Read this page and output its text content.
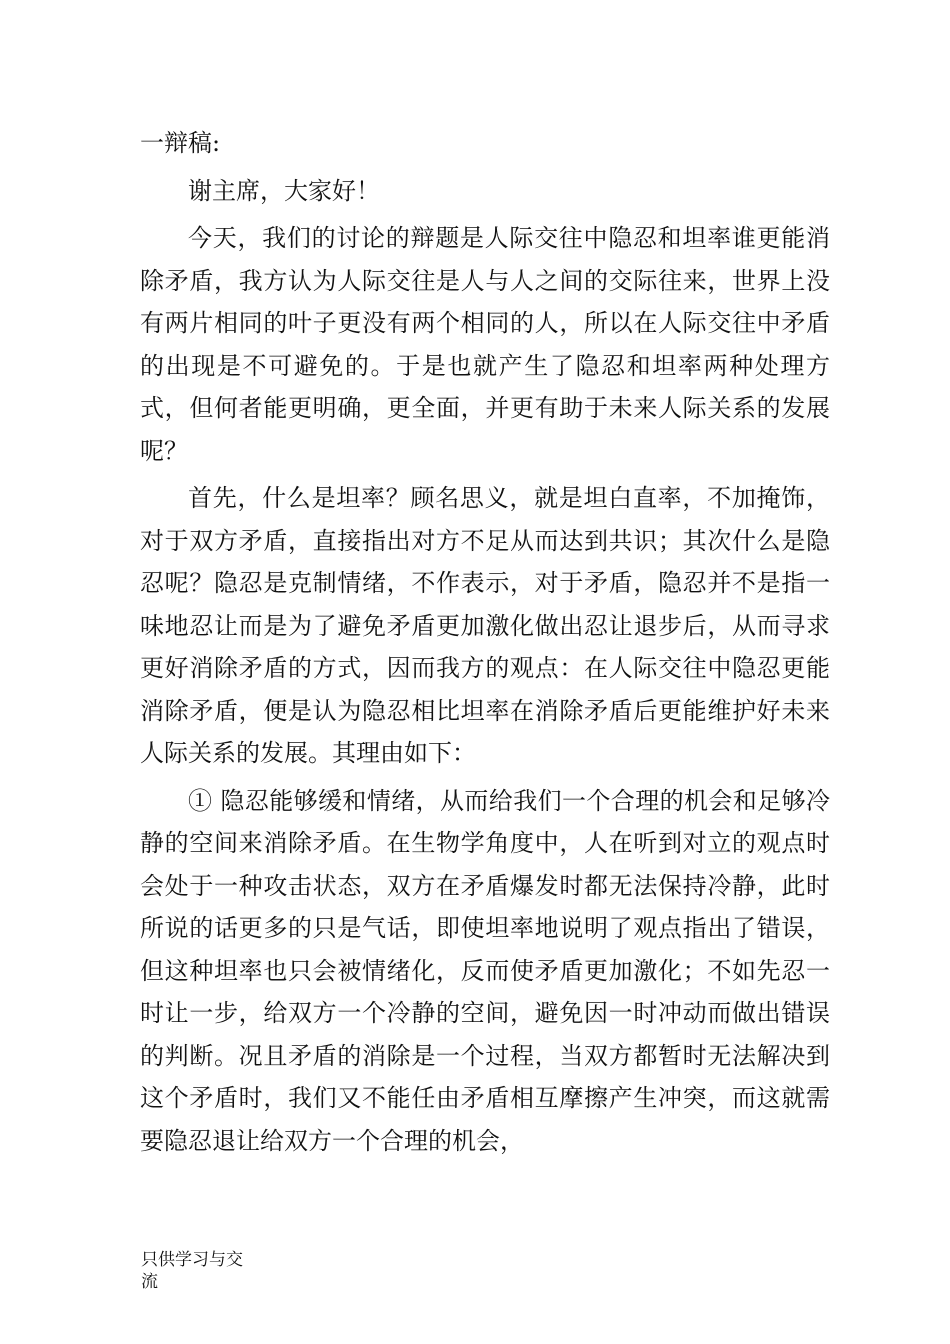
一辩稿:

谢主席，大家好！

今天，我们的讨论的辩题是人际交往中隐忍和坦率谁更能消除矛盾，我方认为人际交往是人与人之间的交际往来，世界上没有两片相同的叶子更没有两个相同的人，所以在人际交往中矛盾的出现是不可避免的。于是也就产生了隐忍和坦率两种处理方式，但何者能更明确，更全面，并更有助于未来人际关系的发展呢？

首先，什么是坦率？顾名思义，就是坦白直率，不加掩饰，对于双方矛盾，直接指出对方不足从而达到共识；其次什么是隐忍呢？隐忍是克制情绪，不作表示，对于矛盾，隐忍并不是指一味地忍让而是为了避免矛盾更加激化做出忍让退步后，从而寻求更好消除矛盾的方式，因而我方的观点：在人际交往中隐忍更能消除矛盾，便是认为隐忍相比坦率在消除矛盾后更能维护好未来人际关系的发展。其理由如下：

① 隐忍能够缓和情绪，从而给我们一个合理的机会和足够冷静的空间来消除矛盾。在生物学角度中，人在听到对立的观点时会处于一种攻击状态，双方在矛盾爆发时都无法保持冷静，此时所说的话更多的只是气话，即使坦率地说明了观点指出了错误，但这种坦率也只会被情绪化，反而使矛盾更加激化；不如先忍一时让一步，给双方一个冷静的空间，避免因一时冲动而做出错误的判断。况且矛盾的消除是一个过程，当双方都暂时无法解决到这个矛盾时，我们又不能任由矛盾相互摩擦产生冲突，而这就需要隐忍退让给双方一个合理的机会，

只供学习与交流
